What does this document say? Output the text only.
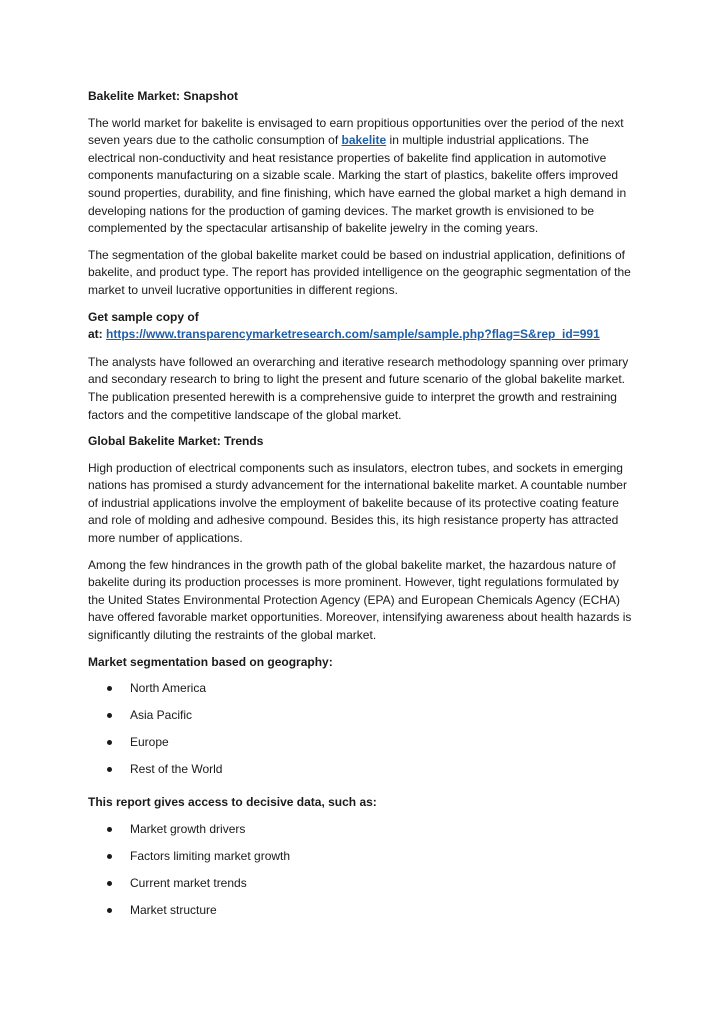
Bakelite Market: Snapshot
The world market for bakelite is envisaged to earn propitious opportunities over the period of the next seven years due to the catholic consumption of bakelite in multiple industrial applications. The electrical non-conductivity and heat resistance properties of bakelite find application in automotive components manufacturing on a sizable scale. Marking the start of plastics, bakelite offers improved sound properties, durability, and fine finishing, which have earned the global market a high demand in developing nations for the production of gaming devices. The market growth is envisioned to be complemented by the spectacular artisanship of bakelite jewelry in the coming years.
The segmentation of the global bakelite market could be based on industrial application, definitions of bakelite, and product type. The report has provided intelligence on the geographic segmentation of the market to unveil lucrative opportunities in different regions.
Get sample copy of
at: https://www.transparencymarketresearch.com/sample/sample.php?flag=S&rep_id=991
The analysts have followed an overarching and iterative research methodology spanning over primary and secondary research to bring to light the present and future scenario of the global bakelite market. The publication presented herewith is a comprehensive guide to interpret the growth and restraining factors and the competitive landscape of the global market.
Global Bakelite Market: Trends
High production of electrical components such as insulators, electron tubes, and sockets in emerging nations has promised a sturdy advancement for the international bakelite market. A countable number of industrial applications involve the employment of bakelite because of its protective coating feature and role of molding and adhesive compound. Besides this, its high resistance property has attracted more number of applications.
Among the few hindrances in the growth path of the global bakelite market, the hazardous nature of bakelite during its production processes is more prominent. However, tight regulations formulated by the United States Environmental Protection Agency (EPA) and European Chemicals Agency (ECHA) have offered favorable market opportunities. Moreover, intensifying awareness about health hazards is significantly diluting the restraints of the global market.
Market segmentation based on geography:
North America
Asia Pacific
Europe
Rest of the World
This report gives access to decisive data, such as:
Market growth drivers
Factors limiting market growth
Current market trends
Market structure
